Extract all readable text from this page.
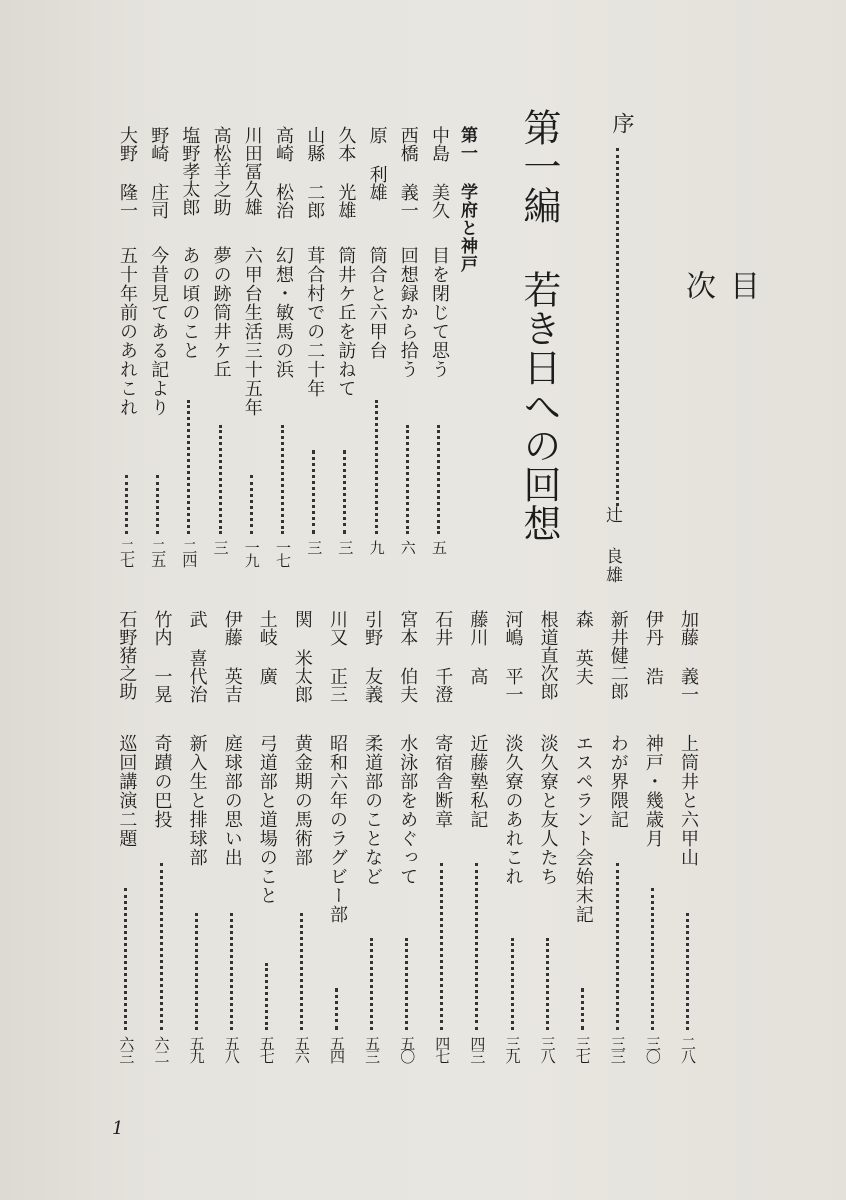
目
次
序
辻 良雄
第一編 若き日への回想
第一 学府と神戸
中島 美久
目を閉じて思う
五
西橋 義一
回想録から拾う
六
原 利雄
筒合と六甲台
九
久本 光雄
筒井ケ丘を訪ねて
三
山縣 二郎
茸合村での二十年
三
高崎 松治
幻想・敏馬の浜
一七
川田冨久雄
六甲台生活三十五年
一九
高松羊之助
夢の跡筒井ケ丘
三
塩野孝太郎
あの頃のこと
二四
野崎 庄司
今昔見てある記より
二五
大野 隆一
五十年前のあれこれ
二七
加藤 義一
上筒井と六甲山
二八
伊丹 浩
神戸・幾歳月
三〇
新井健二郎
わが界隈記
三三
森 英夫
エスペラント会始末記
三七
根道直次郎
淡久寮と友人たち
三八
河嶋 平一
淡久寮のあれこれ
三九
藤川 高
近藤塾私記
四三
石井 千澄
寄宿舎断章
四七
宮本 伯夫
水泳部をめぐって
五〇
引野 友義
柔道部のことなど
五三
川又 正三
昭和六年のラグビー部
五四
関 米太郎
黄金期の馬術部
五六
土岐 廣
弓道部と道場のこと
五七
伊藤 英吉
庭球部の思い出
五八
武 喜代治
新入生と排球部
五九
竹内 一晃
奇蹟の巴投
六二
石野猪之助
巡回講演二題
六三
1
